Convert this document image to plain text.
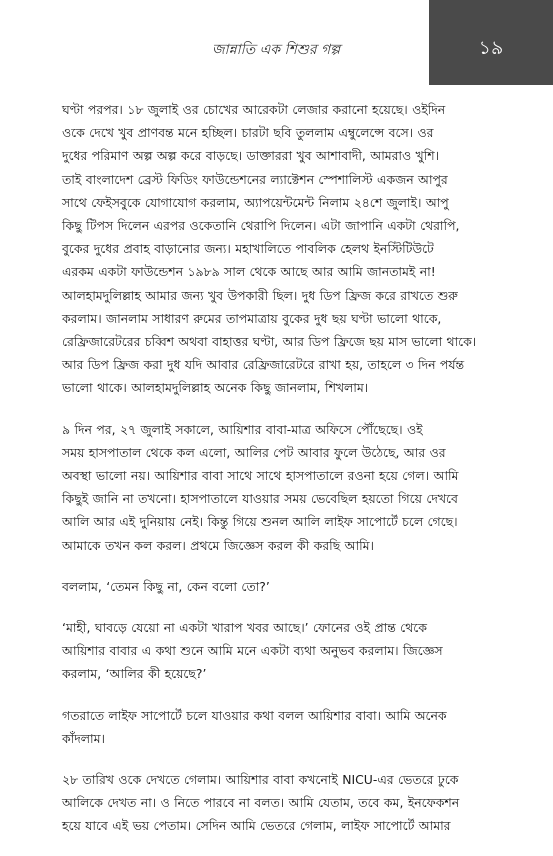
জান্নাতি এক শিশুর গল্প	১৯

ঘণ্টা পরপর। ১৮ জুলাই ওর চোখের আরেকটা লেজার করানো হয়েছে। ওইদিন
ওকে দেখে খুব প্রাণবন্ত মনে হচ্ছিল। চারটা ছবি তুললাম এম্বুলেন্সে বসে। ওর
দুধের পরিমাণ অল্প অল্প করে বাড়ছে। ডাক্তাররা খুব আশাবাদী, আমরাও খুশি।
তাই বাংলাদেশ ব্রেস্ট ফিডিং ফাউন্ডেশনের ল্যাক্টেশন স্পেশালিস্ট একজন আপুর
সাথে ফেইসবুকে যোগাযোগ করলাম, অ্যাপয়েন্টমেন্ট নিলাম ২৪শে জুলাই। আপু
কিছু টিপস দিলেন এরপর ওকেতানি থেরাপি দিলেন। এটা জাপানি একটা থেরাপি,
বুকের দুধের প্রবাহ বাড়ানোর জন্য। মহাখালিতে পাবলিক হেলথ ইনস্টিটিউটে
এরকম একটা ফাউন্ডেশন ১৯৮৯ সাল থেকে আছে আর আমি জানতামই না!
আলহামদুলিল্লাহ আমার জন্য খুব উপকারী ছিল। দুধ ডিপ ফ্রিজ করে রাখতে শুরু
করলাম। জানলাম সাধারণ রুমের তাপমাত্রায় বুকের দুধ ছয় ঘণ্টা ভালো থাকে,
রেফ্রিজারেটরের চব্বিশ অথবা বাহাত্তর ঘণ্টা, আর ডিপ ফ্রিজে ছয় মাস ভালো থাকে।
আর ডিপ ফ্রিজ করা দুধ যদি আবার রেফ্রিজারেটরে রাখা হয়, তাহলে ৩ দিন পর্যন্ত
ভালো থাকে। আলহামদুলিল্লাহ অনেক কিছু জানলাম, শিখলাম।

৯ দিন পর, ২৭ জুলাই সকালে, আয়িশার বাবা-মাত্র অফিসে পৌঁছেছে। ওই
সময় হাসপাতাল থেকে কল এলো, আলির পেট আবার ফুলে উঠেছে, আর ওর
অবস্থা ভালো নয়। আয়িশার বাবা সাথে সাথে হাসপাতালে রওনা হয়ে গেল। আমি
কিছুই জানি না তখনো। হাসপাতালে যাওয়ার সময় ভেবেছিল হয়তো গিয়ে দেখবে
আলি আর এই দুনিয়ায় নেই। কিন্তু গিয়ে শুনল আলি লাইফ সাপোর্টে চলে গেছে।
আমাকে তখন কল করল। প্রথমে জিজ্ঞেস করল কী করছি আমি।

বললাম, ‘তেমন কিছু না, কেন বলো তো?’

‘মাহী, ঘাবড়ে যেয়ো না একটা খারাপ খবর আছে।’ ফোনের ওই প্রান্ত থেকে
আয়িশার বাবার এ কথা শুনে আমি মনে একটা ব্যথা অনুভব করলাম। জিজ্ঞেস
করলাম, ‘আলির কী হয়েছে?’

গতরাতে লাইফ সাপোর্টে চলে যাওয়ার কথা বলল আয়িশার বাবা। আমি অনেক
কাঁদলাম।

২৮ তারিখ ওকে দেখতে গেলাম। আয়িশার বাবা কখনোই NICU-এর ভেতরে ঢুকে
আলিকে দেখত না। ও নিতে পারবে না বলত। আমি যেতাম, তবে কম, ইনফেকশন
হয়ে যাবে এই ভয় পেতাম। সেদিন আমি ভেতরে গেলাম, লাইফ সাপোর্টে আমার
